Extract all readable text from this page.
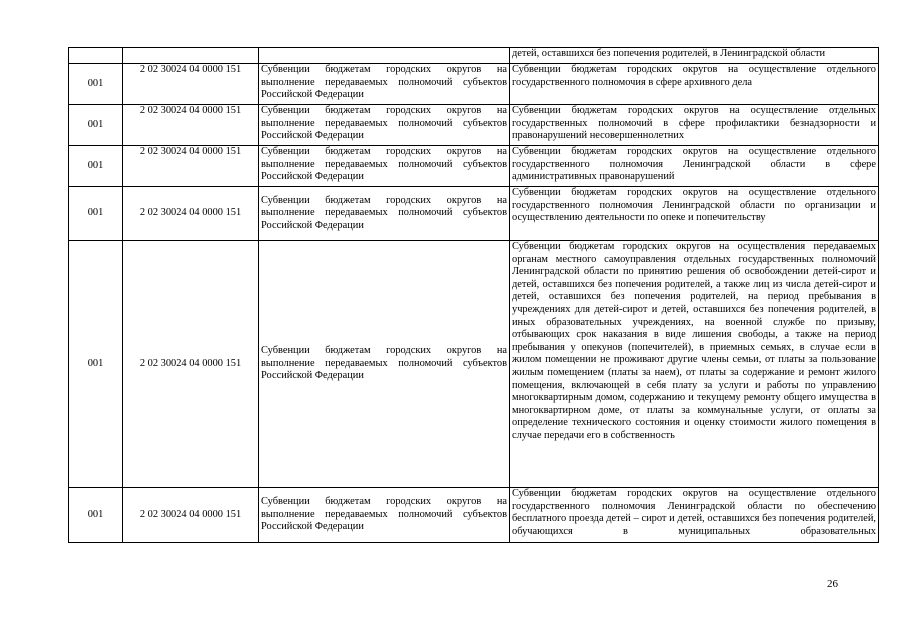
			детей, оставшихся без попечения родителей, в Ленинградской области
001	2 02 30024 04 0000 151	Субвенции бюджетам городских округов на выполнение передаваемых полномочий субъектов Российской Федерации	Субвенции бюджетам городских округов на осуществление отдельного государственного полномочия в сфере архивного дела
001	2 02 30024 04 0000 151	Субвенции бюджетам городских округов на выполнение передаваемых полномочий субъектов Российской Федерации	Субвенции бюджетам городских округов на осуществление отдельных государственных полномочий в сфере профилактики безнадзорности и правонарушений несовершеннолетних
001	2 02 30024 04 0000 151	Субвенции бюджетам городских округов на выполнение передаваемых полномочий субъектов Российской Федерации	Субвенции бюджетам городских округов на осуществление отдельного государственного полномочия Ленинградской области в сфере административных правонарушений
001	2 02 30024 04 0000 151	Субвенции бюджетам городских округов на выполнение передаваемых полномочий субъектов Российской Федерации	Субвенции бюджетам городских округов на осуществление отдельного государственного полномочия Ленинградской области по организации и осуществлению деятельности по опеке и попечительству
001	2 02 30024 04 0000 151	Субвенции бюджетам городских округов на выполнение передаваемых полномочий субъектов Российской Федерации	Субвенции бюджетам городских округов на осуществления передаваемых органам местного самоуправления отдельных государственных полномочий Ленинградской области по принятию решения об освобождении детей-сирот и детей, оставшихся без попечения родителей, а также лиц из числа детей-сирот и детей, оставшихся без попечения родителей, на период пребывания в учреждениях для детей-сирот и детей, оставшихся без попечения родителей, в иных образовательных учреждениях, на военной службе по призыву, отбывающих срок наказания в виде лишения свободы, а также на период пребывания у опекунов (попечителей), в приемных семьях, в случае если в жилом помещении не проживают другие члены семьи, от платы за пользование жилым помещением (платы за наем), от платы за содержание и ремонт жилого помещения, включающей в себя плату за услуги и работы по управлению многоквартирным домом, содержанию и текущему ремонту общего имущества в многоквартирном доме, от платы за коммунальные услуги, от оплаты за определение технического состояния и оценку стоимости жилого помещения в случае передачи его в собственность
001	2 02 30024 04 0000 151	Субвенции бюджетам городских округов на выполнение передаваемых полномочий субъектов Российской Федерации	Субвенции бюджетам городских округов на осуществление отдельного государственного полномочия Ленинградской области по обеспечению бесплатного проезда детей – сирот и детей, оставшихся без попечения родителей, обучающихся в муниципальных образовательных
26
